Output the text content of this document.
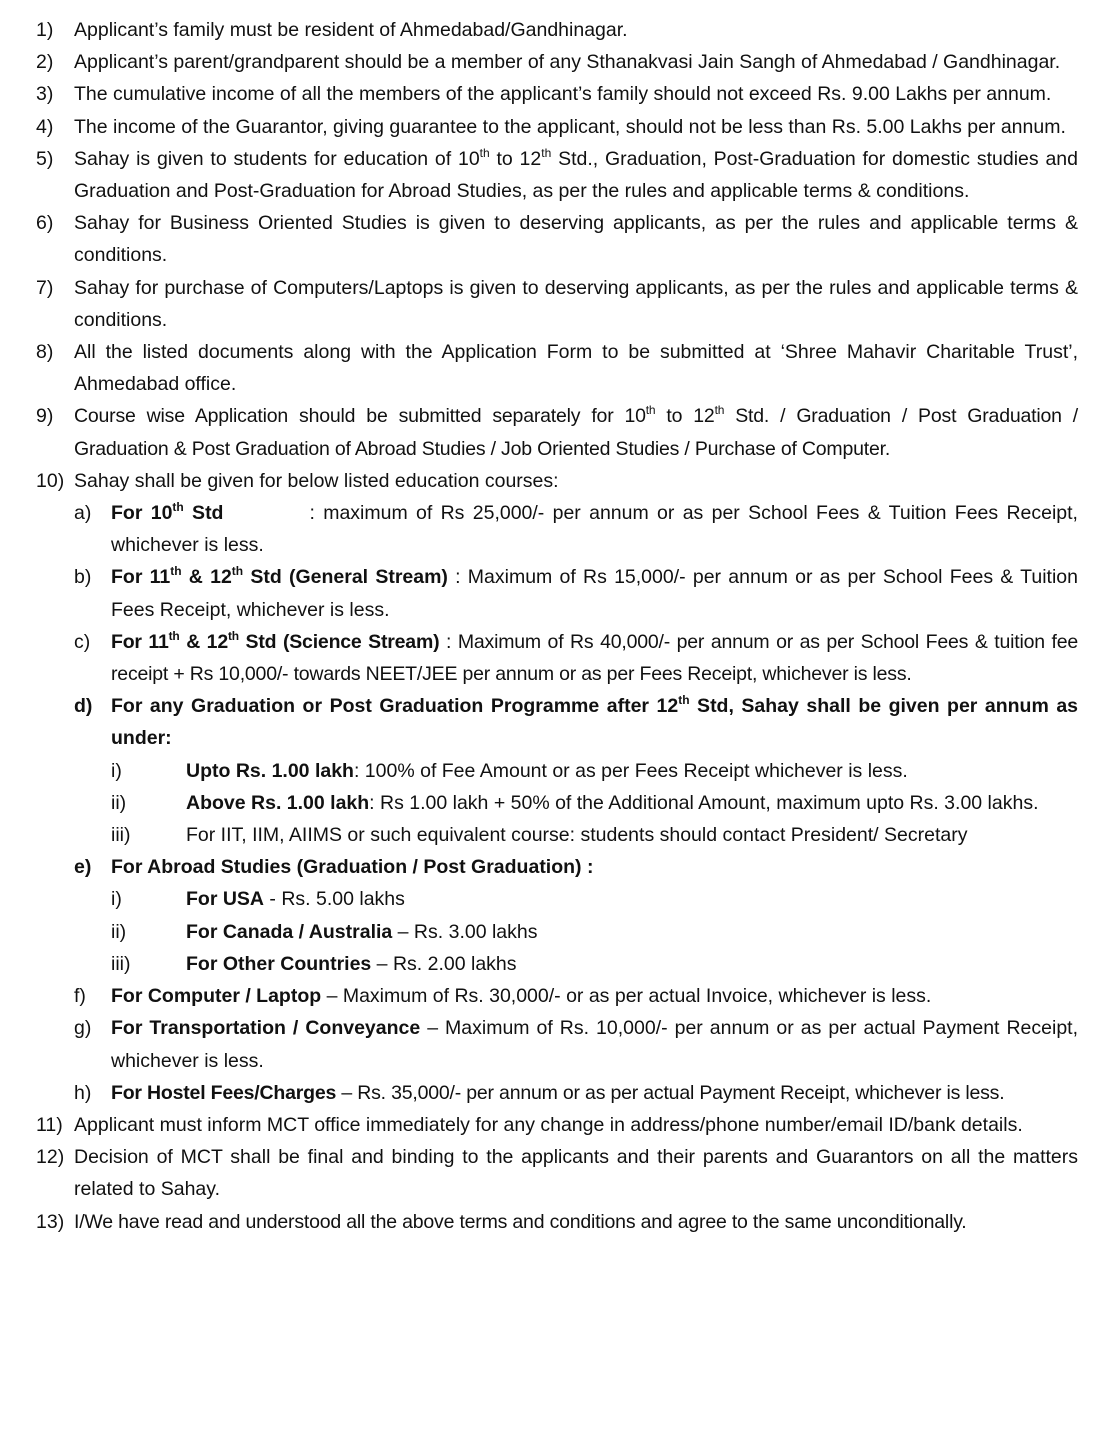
1)	Applicant’s family must be resident of Ahmedabad/Gandhinagar.
2)	Applicant’s parent/grandparent should be a member of any Sthanakvasi Jain Sangh of Ahmedabad / Gandhinagar.
3)	The cumulative income of all the members of the applicant’s family should not exceed Rs. 9.00 Lakhs per annum.
4)	The income of the Guarantor, giving guarantee to the applicant, should not be less than Rs. 5.00 Lakhs per annum.
5)	Sahay is given to students for education of 10th to 12th Std., Graduation, Post-Graduation for domestic studies and Graduation and Post-Graduation for Abroad Studies, as per the rules and applicable terms & conditions.
6)	Sahay for Business Oriented Studies is given to deserving applicants, as per the rules and applicable terms & conditions.
7)	Sahay for purchase of Computers/Laptops is given to deserving applicants, as per the rules and applicable terms & conditions.
8)	All the listed documents along with the Application Form to be submitted at ‘Shree Mahavir Charitable Trust’, Ahmedabad office.
9)	Course wise Application should be submitted separately for 10th to 12th Std. / Graduation / Post Graduation / Graduation & Post Graduation of Abroad Studies / Job Oriented Studies / Purchase of Computer.
10) Sahay shall be given for below listed education courses:
a)	For 10th Std	: maximum of Rs 25,000/- per annum or as per School Fees & Tuition Fees Receipt, whichever is less.
b)	For 11th & 12th Std (General Stream) : Maximum of Rs 15,000/- per annum or as per School Fees & Tuition Fees Receipt, whichever is less.
c)	For 11th & 12th Std (Science Stream) : Maximum of Rs 40,000/- per annum or as per School Fees & tuition fee receipt + Rs 10,000/- towards NEET/JEE per annum or as per Fees Receipt, whichever is less.
d) For any Graduation or Post Graduation Programme after 12th Std, Sahay shall be given per annum as under:
i)	Upto Rs. 1.00 lakh: 100% of Fee Amount or as per Fees Receipt whichever is less.
ii)	Above Rs. 1.00 lakh: Rs 1.00 lakh + 50% of the Additional Amount, maximum upto Rs. 3.00 lakhs.
iii)	For IIT, IIM, AIIMS or such equivalent course: students should contact President/ Secretary
e)	For Abroad Studies (Graduation / Post Graduation) :
i)	For USA - Rs. 5.00 lakhs
ii)	For Canada / Australia – Rs. 3.00 lakhs
iii)	For Other Countries – Rs. 2.00 lakhs
f)	For Computer / Laptop – Maximum of Rs. 30,000/- or as per actual Invoice, whichever is less.
g)	For Transportation / Conveyance – Maximum of Rs. 10,000/- per annum or as per actual Payment Receipt, whichever is less.
h)	For Hostel Fees/Charges – Rs. 35,000/- per annum or as per actual Payment Receipt, whichever is less.
11) Applicant must inform MCT office immediately for any change in address/phone number/email ID/bank details.
12) Decision of MCT shall be final and binding to the applicants and their parents and Guarantors on all the matters related to Sahay.
13) I/We have read and understood all the above terms and conditions and agree to the same unconditionally.
